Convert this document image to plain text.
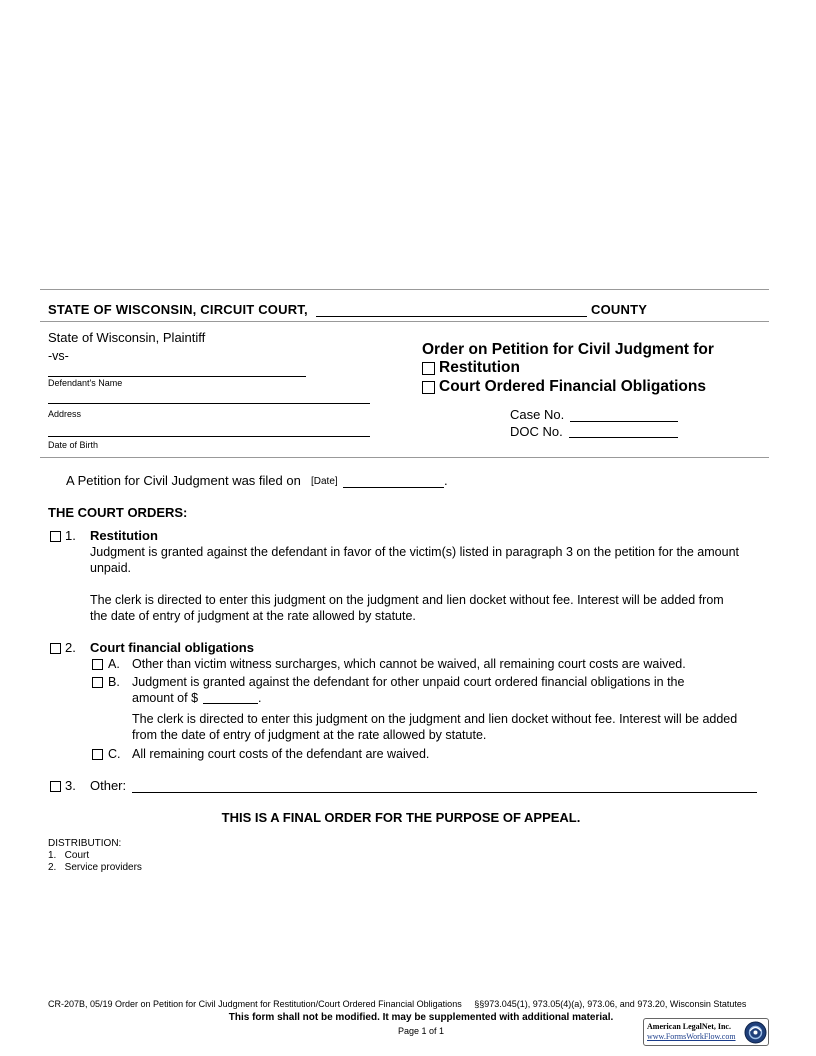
STATE OF WISCONSIN, CIRCUIT COURT,	COUNTY
State of Wisconsin, Plaintiff
-vs-
Defendant's Name
Address
Date of Birth
Order on Petition for Civil Judgment for
Restitution
Court Ordered Financial Obligations
Case No.
DOC No.
A Petition for Civil Judgment was filed on [Date]	.
THE COURT ORDERS:
1. Restitution
Judgment is granted against the defendant in favor of the victim(s) listed in paragraph 3 on the petition for the amount unpaid.
The clerk is directed to enter this judgment on the judgment and lien docket without fee. Interest will be added from the date of entry of judgment at the rate allowed by statute.
2. Court financial obligations
A. Other than victim witness surcharges, which cannot be waived, all remaining court costs are waived.
B. Judgment is granted against the defendant for other unpaid court ordered financial obligations in the
amount of $	.
The clerk is directed to enter this judgment on the judgment and lien docket without fee. Interest will be added from the date of entry of judgment at the rate allowed by statute.
C. All remaining court costs of the defendant are waived.
3. Other:
THIS IS A FINAL ORDER FOR THE PURPOSE OF APPEAL.
DISTRIBUTION:
1.   Court
2.   Service providers
CR-207B, 05/19 Order on Petition for Civil Judgment for Restitution/Court Ordered Financial Obligations     §§973.045(1), 973.05(4)(a), 973.06, and 973.20, Wisconsin Statutes
This form shall not be modified. It may be supplemented with additional material.
Page 1 of 1	American LegalNet, Inc.
www.FormsWorkFlow.com
